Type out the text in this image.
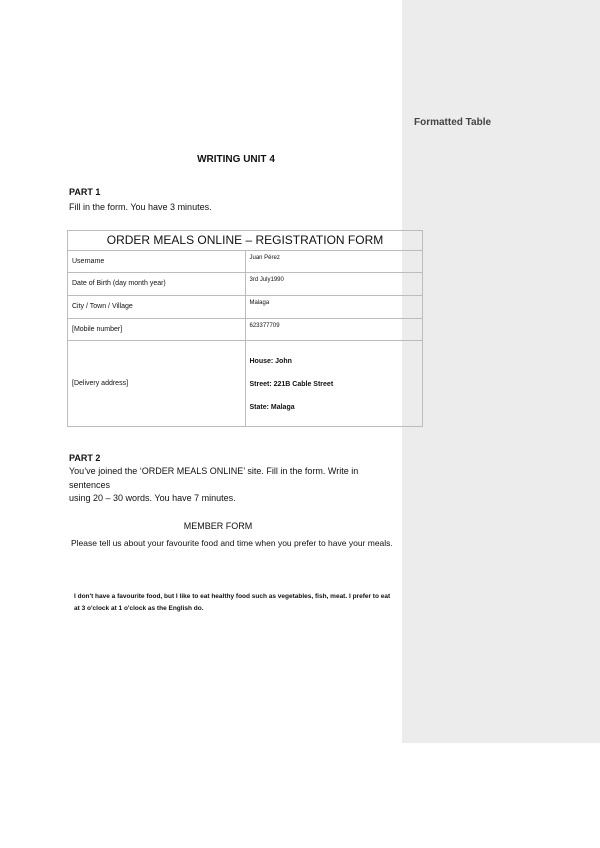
Formatted Table
WRITING UNIT 4
PART 1
Fill in the form. You have 3 minutes.
ORDER MEALS ONLINE – REGISTRATION FORM	
Username	Juan Pérez

Date of Birth (day month year)	3rd July1990

City / Town / Village	Malaga

[Mobile number]	623377709

[Delivery address]	House: John
Street: 221B Cable Street
State: Malaga
PART 2
You’ve joined the ‘ORDER MEALS ONLINE’ site. Fill in the form. Write in
sentences
using 20 – 30 words. You have 7 minutes.
MEMBER FORM
Please tell us about your favourite food and time when you prefer to have your meals.
I don't have a favourite food, but I like to eat healthy food such as vegetables, fish, meat. I prefer to eat at 3 o'clock at 1 o'clock as the English do.
